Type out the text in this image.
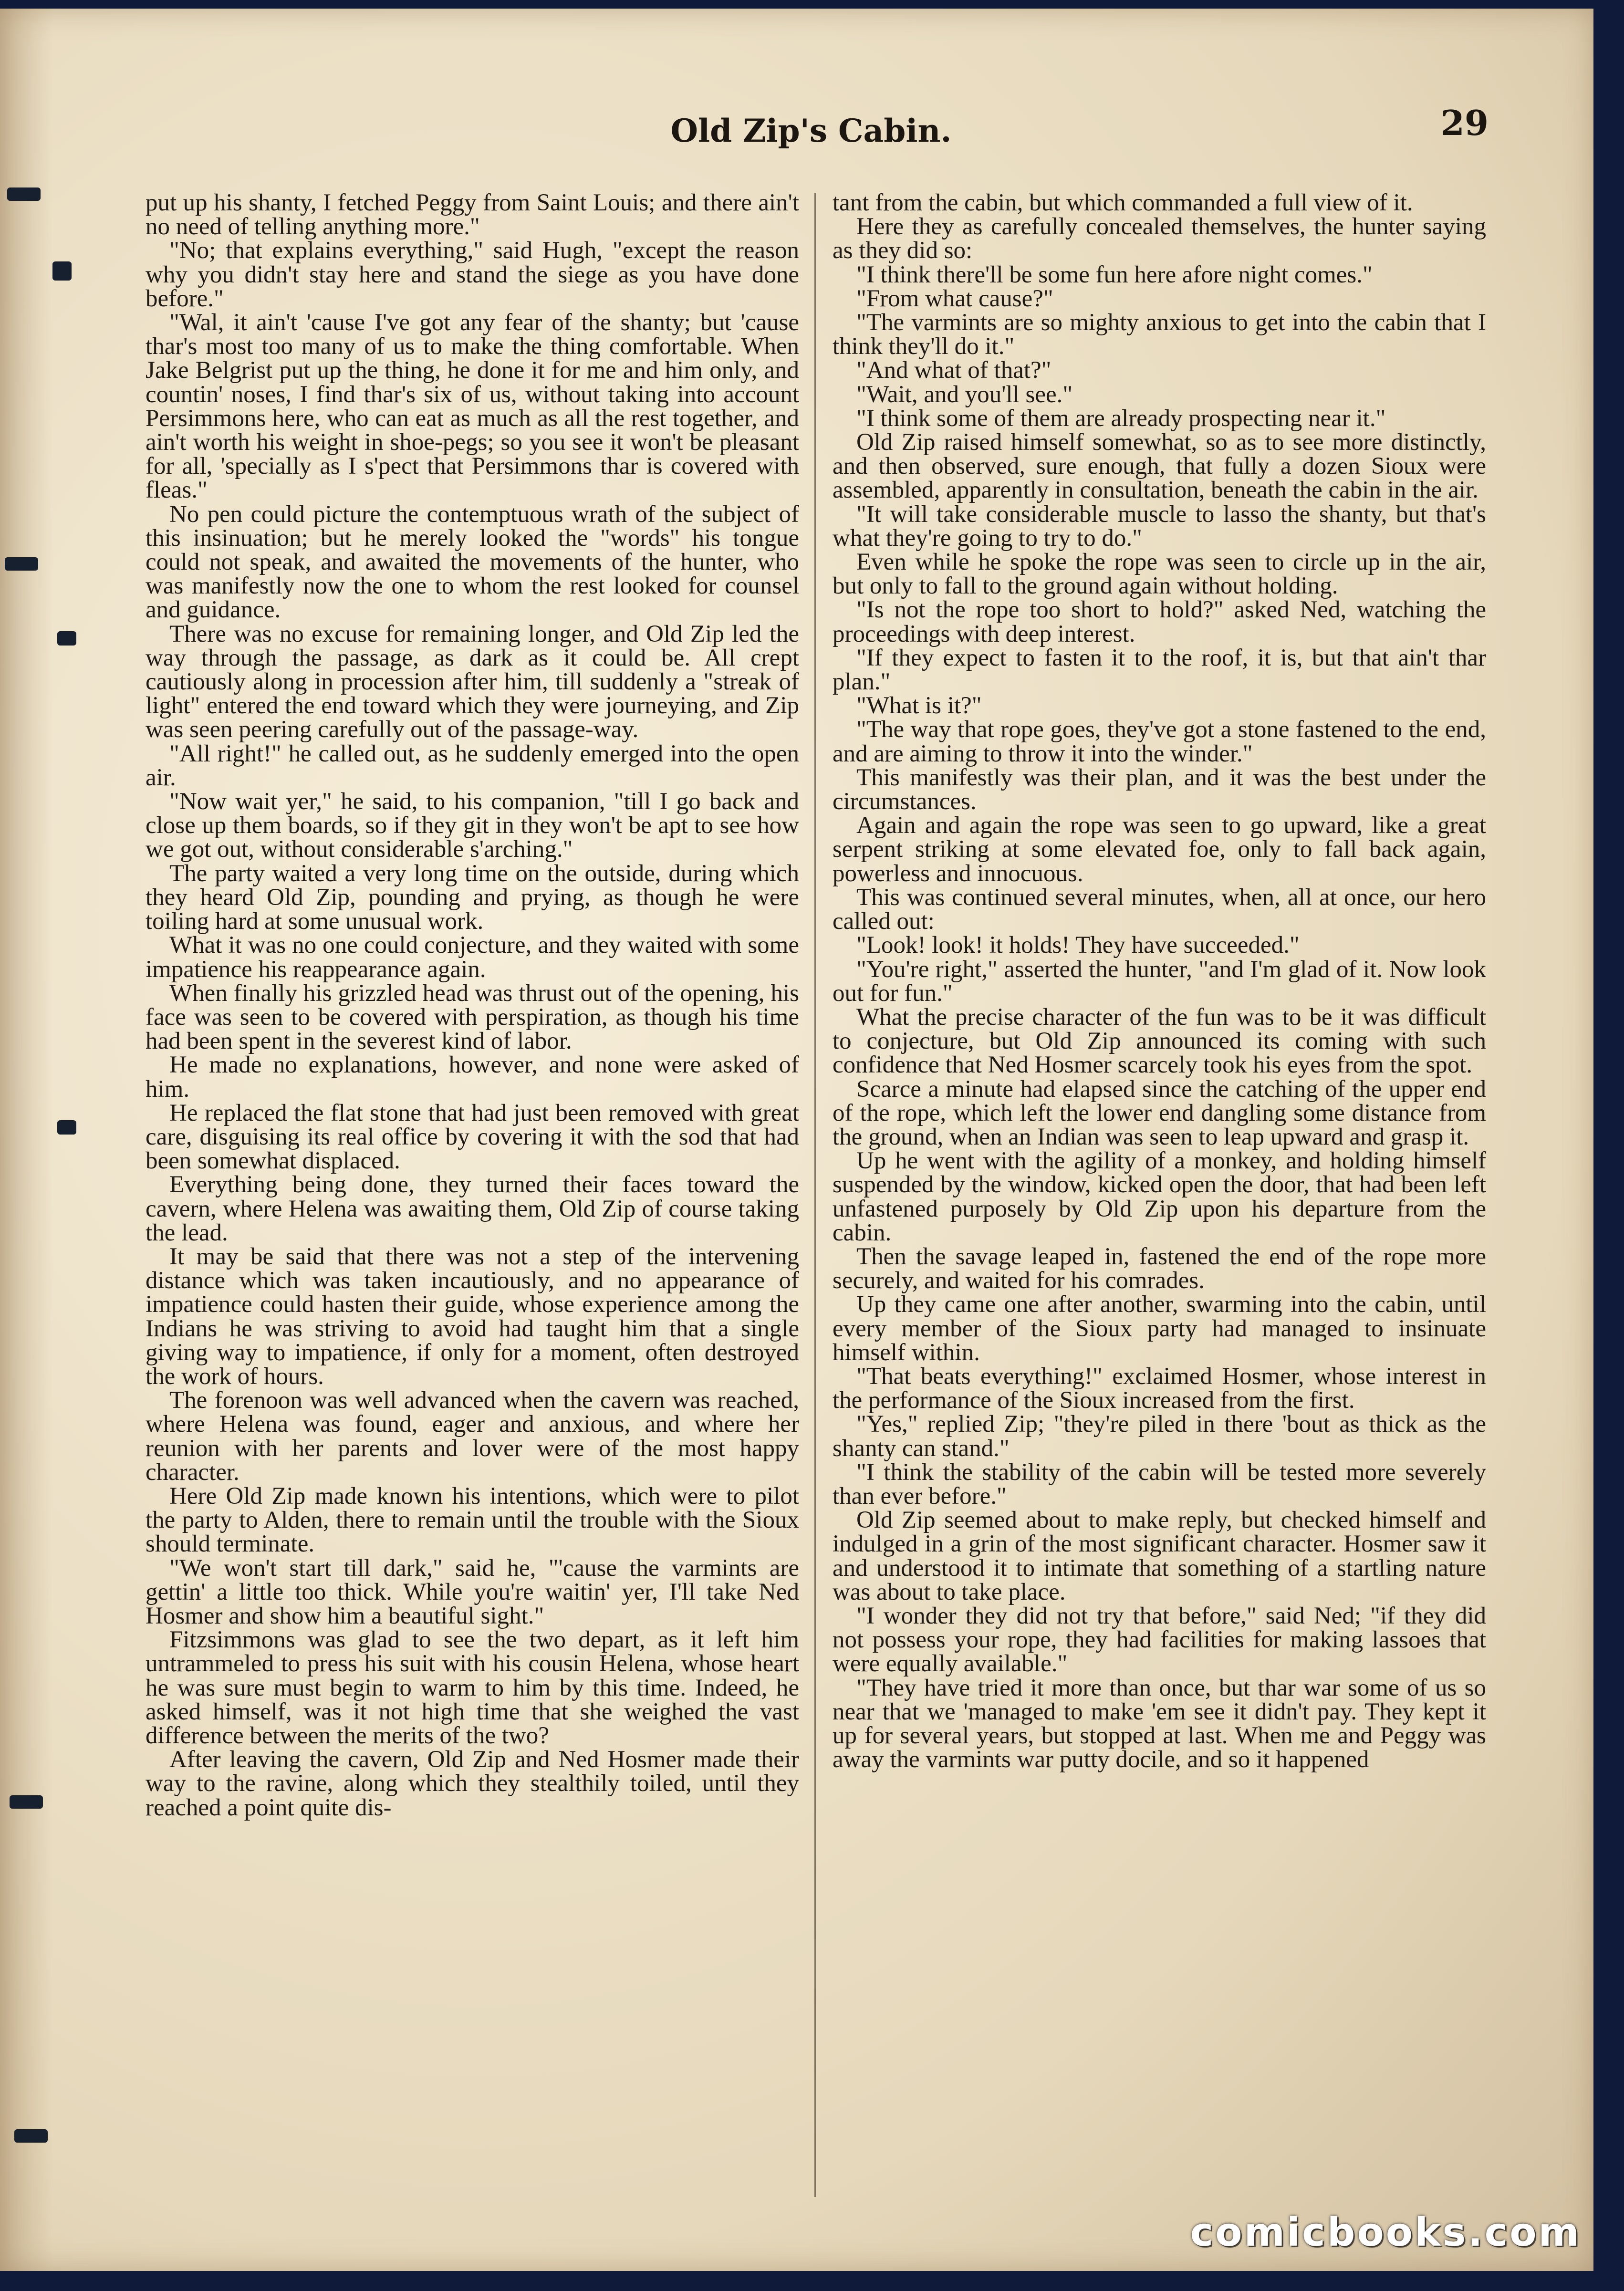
Old Zip's Cabin.	29

put up his shanty, I fetched Peggy from Saint Louis; and there ain't no need of telling anything more."

"No; that explains everything," said Hugh, "except the reason why you didn't stay here and stand the siege as you have done before."

"Wal, it ain't 'cause I've got any fear of the shanty; but 'cause thar's most too many of us to make the thing comfortable. When Jake Belgrist put up the thing, he done it for me and him only, and countin' noses, I find thar's six of us, without taking into account Persimmons here, who can eat as much as all the rest together, and ain't worth his weight in shoe-pegs; so you see it won't be pleasant for all, 'specially as I s'pect that Persimmons thar is covered with fleas."

No pen could picture the contemptuous wrath of the subject of this insinuation; but he merely looked the "words" his tongue could not speak, and awaited the movements of the hunter, who was manifestly now the one to whom the rest looked for counsel and guidance.

There was no excuse for remaining longer, and Old Zip led the way through the passage, as dark as it could be. All crept cautiously along in procession after him, till suddenly a "streak of light" entered the end toward which they were journeying, and Zip was seen peering carefully out of the passage-way.

"All right!" he called out, as he suddenly emerged into the open air.

"Now wait yer," he said, to his companion, "till I go back and close up them boards, so if they git in they won't be apt to see how we got out, without considerable s'arching."

The party waited a very long time on the outside, during which they heard Old Zip, pounding and prying, as though he were toiling hard at some unusual work.

What it was no one could conjecture, and they waited with some impatience his reappearance again.

When finally his grizzled head was thrust out of the opening, his face was seen to be covered with perspiration, as though his time had been spent in the severest kind of labor.

He made no explanations, however, and none were asked of him.

He replaced the flat stone that had just been removed with great care, disguising its real office by covering it with the sod that had been somewhat displaced.

Everything being done, they turned their faces toward the cavern, where Helena was awaiting them, Old Zip of course taking the lead.

It may be said that there was not a step of the intervening distance which was taken incautiously, and no appearance of impatience could hasten their guide, whose experience among the Indians he was striving to avoid had taught him that a single giving way to impatience, if only for a moment, often destroyed the work of hours.

The forenoon was well advanced when the cavern was reached, where Helena was found, eager and anxious, and where her reunion with her parents and lover were of the most happy character.

Here Old Zip made known his intentions, which were to pilot the party to Alden, there to remain until the trouble with the Sioux should terminate.

"We won't start till dark," said he, "'cause the varmints are gettin' a little too thick. While you're waitin' yer, I'll take Ned Hosmer and show him a beautiful sight."

Fitzsimmons was glad to see the two depart, as it left him untrammeled to press his suit with his cousin Helena, whose heart he was sure must begin to warm to him by this time. Indeed, he asked himself, was it not high time that she weighed the vast difference between the merits of the two?

After leaving the cavern, Old Zip and Ned Hosmer made their way to the ravine, along which they stealthily toiled, until they reached a point quite dis-

tant from the cabin, but which commanded a full view of it.

Here they as carefully concealed themselves, the hunter saying as they did so:

"I think there'll be some fun here afore night comes."

"From what cause?"

"The varmints are so mighty anxious to get into the cabin that I think they'll do it."

"And what of that?"

"Wait, and you'll see."

"I think some of them are already prospecting near it."

Old Zip raised himself somewhat, so as to see more distinctly, and then observed, sure enough, that fully a dozen Sioux were assembled, apparently in consultation, beneath the cabin in the air.

"It will take considerable muscle to lasso the shanty, but that's what they're going to try to do."

Even while he spoke the rope was seen to circle up in the air, but only to fall to the ground again without holding.

"Is not the rope too short to hold?" asked Ned, watching the proceedings with deep interest.

"If they expect to fasten it to the roof, it is, but that ain't thar plan."

"What is it?"

"The way that rope goes, they've got a stone fastened to the end, and are aiming to throw it into the winder."

This manifestly was their plan, and it was the best under the circumstances.

Again and again the rope was seen to go upward, like a great serpent striking at some elevated foe, only to fall back again, powerless and innocuous.

This was continued several minutes, when, all at once, our hero called out:

"Look! look! it holds! They have succeeded."

"You're right," asserted the hunter, "and I'm glad of it. Now look out for fun."

What the precise character of the fun was to be it was difficult to conjecture, but Old Zip announced its coming with such confidence that Ned Hosmer scarcely took his eyes from the spot.

Scarce a minute had elapsed since the catching of the upper end of the rope, which left the lower end dangling some distance from the ground, when an Indian was seen to leap upward and grasp it.

Up he went with the agility of a monkey, and holding himself suspended by the window, kicked open the door, that had been left unfastened purposely by Old Zip upon his departure from the cabin.

Then the savage leaped in, fastened the end of the rope more securely, and waited for his comrades.

Up they came one after another, swarming into the cabin, until every member of the Sioux party had managed to insinuate himself within.

"That beats everything!" exclaimed Hosmer, whose interest in the performance of the Sioux increased from the first.

"Yes," replied Zip; "they're piled in there 'bout as thick as the shanty can stand."

"I think the stability of the cabin will be tested more severely than ever before."

Old Zip seemed about to make reply, but checked himself and indulged in a grin of the most significant character. Hosmer saw it and understood it to intimate that something of a startling nature was about to take place.

"I wonder they did not try that before," said Ned; "if they did not possess your rope, they had facilities for making lassoes that were equally available."

"They have tried it more than once, but thar war some of us so near that we 'managed to make 'em see it didn't pay. They kept it up for several years, but stopped at last. When me and Peggy was away the varmints war putty docile, and so it happened

comicbooks.com
